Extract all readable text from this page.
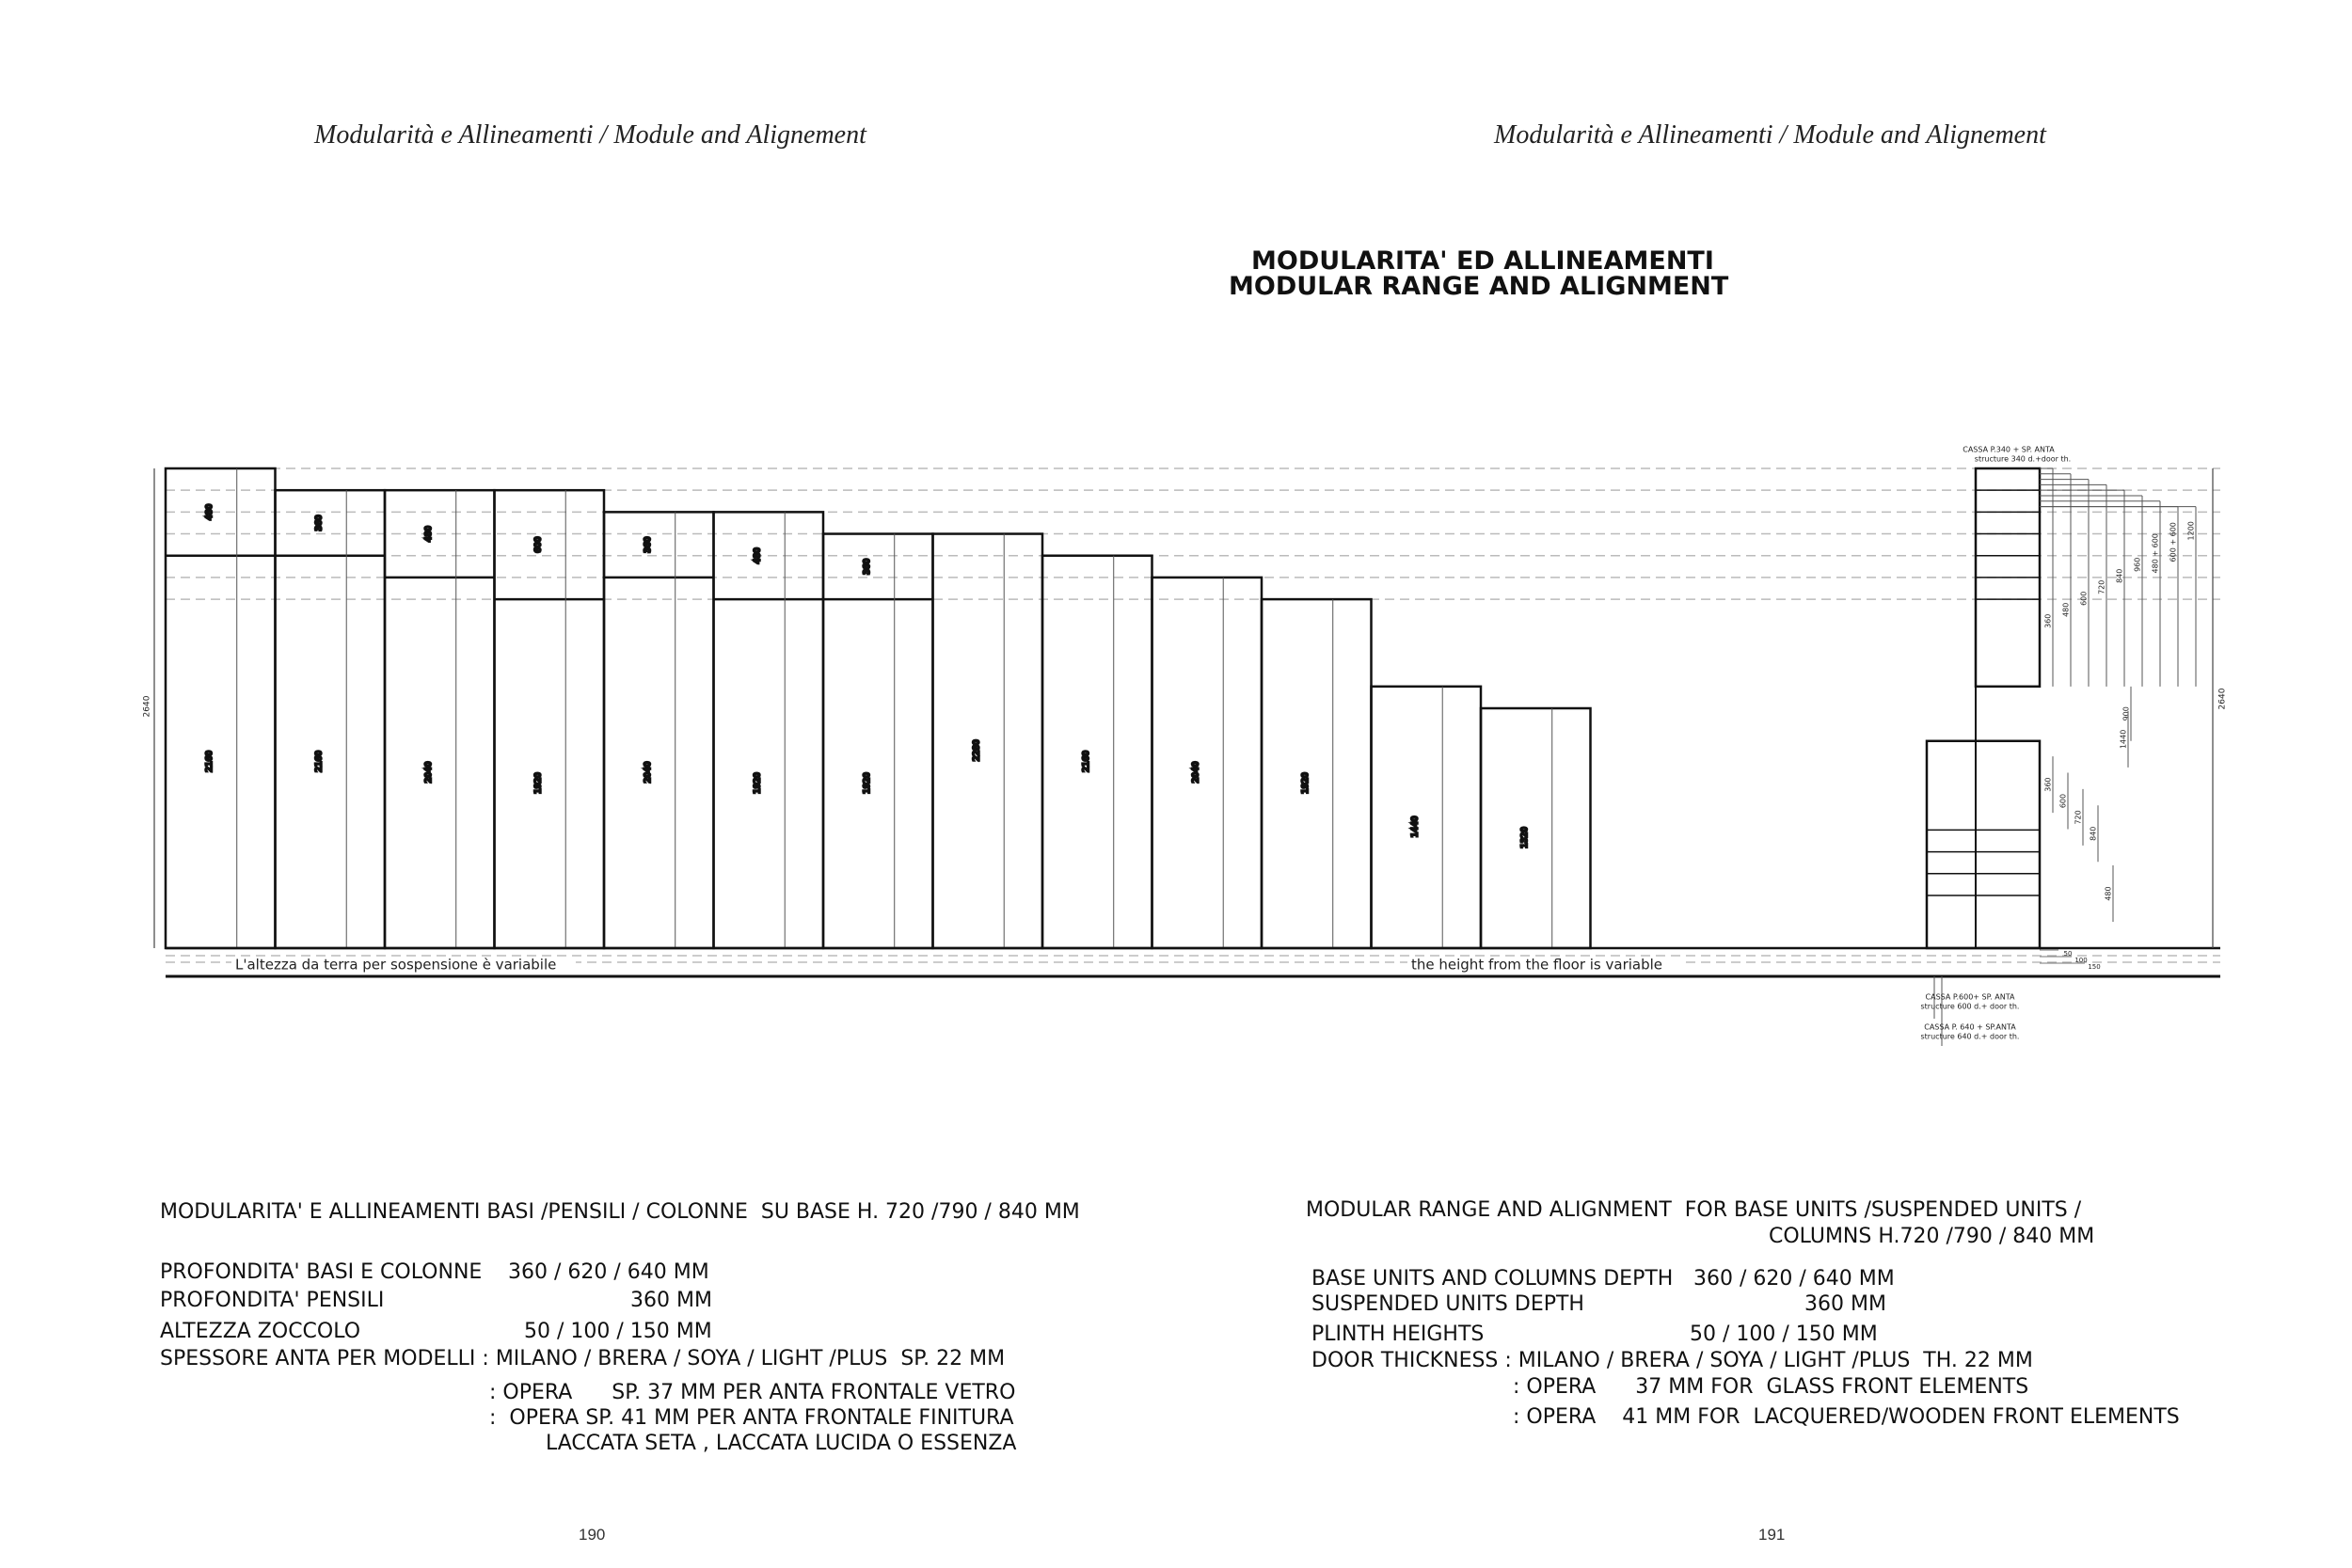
Modularità e Allineamenti / Module and Alignement	Modularità e Allineamenti / Module and Alignement
MODULARITA' ED ALLINEAMENTI
MODULAR RANGE AND ALIGNMENT
480
2160
360
2160
480
2040
600
1920
360
2040
480
1920
360
1920
2280
2160
2040
1920
1440
1320
2640
L'altezza da terra per sospensione è variabile	the height from the floor is variable
CASSA P.340 + SP. ANTA
structure 340 d.+door th.
360
480
600
720
840
960 480 + 600 600 + 600 1200
2640
900
360
600
720
840
480
1440
50
100
150
CASSA P.600+ SP. ANTA
structure 600 d.+ door th.
CASSA P. 640 + SP.ANTA
structure 640 d.+ door th.
MODULARITA' E ALLINEAMENTI BASI /PENSILI / COLONNE  SU BASE H. 720 /790 / 840 MM
PROFONDITA' BASI E COLONNE 360 / 620 / 640 MM
PROFONDITA' PENSILI	360 MM
ALTEZZA ZOCCOLO	50 / 100 / 150 MM
SPESSORE ANTA PER MODELLI : MILANO / BRERA / SOYA / LIGHT /PLUS  SP. 22 MM
: OPERA      SP. 37 MM PER ANTA FRONTALE VETRO
:  OPERA SP. 41 MM PER ANTA FRONTALE FINITURA
LACCATA SETA , LACCATA LUCIDA O ESSENZA
MODULAR RANGE AND ALIGNMENT  FOR BASE UNITS /SUSPENDED UNITS /
COLUMNS H.720 /790 / 840 MM
BASE UNITS AND COLUMNS DEPTH 360 / 620 / 640 MM
SUSPENDED UNITS DEPTH	360 MM
PLINTH HEIGHTS	50 / 100 / 150 MM
DOOR THICKNESS : MILANO / BRERA / SOYA / LIGHT /PLUS  TH. 22 MM
: OPERA      37 MM FOR  GLASS FRONT ELEMENTS
: OPERA    41 MM FOR  LACQUERED/WOODEN FRONT ELEMENTS
190	191
